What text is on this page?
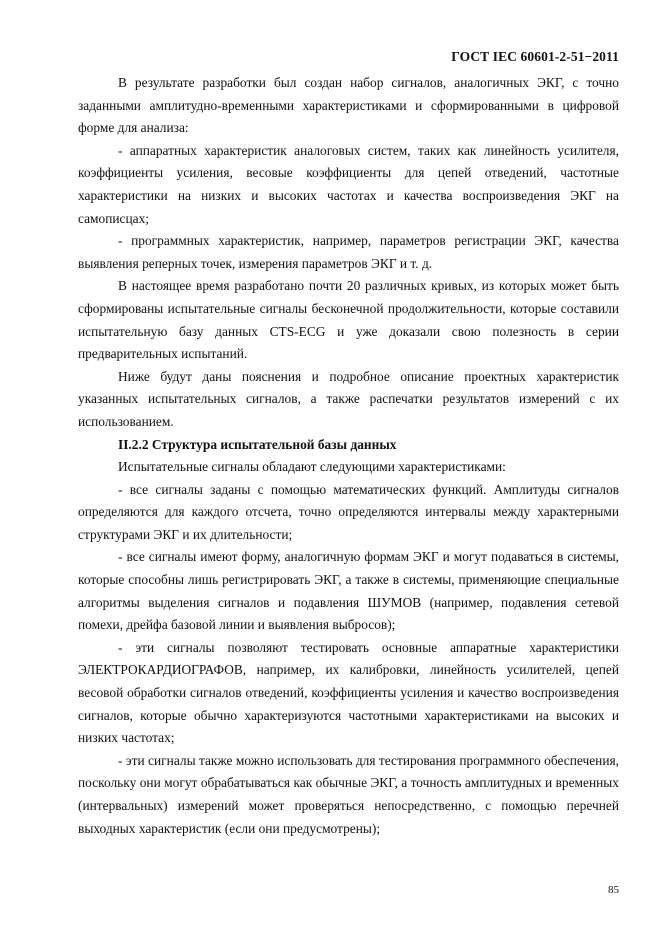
ГОСТ IEC 60601-2-51−2011

В результате разработки был создан набор сигналов, аналогичных ЭКГ, с точно заданными амплитудно-временными характеристиками и сформированными в цифровой форме для анализа:

- аппаратных характеристик аналоговых систем, таких как линейность усилителя, коэффициенты усиления, весовые коэффициенты для цепей отведений, частотные характеристики на низких и высоких частотах и качества воспроизведения ЭКГ на самописцах;

- программных характеристик, например, параметров регистрации ЭКГ, качества выявления реперных точек, измерения параметров ЭКГ и т. д.

В настоящее время разработано почти 20 различных кривых, из которых может быть сформированы испытательные сигналы бесконечной продолжительности, которые составили испытательную базу данных CTS-ECG и уже доказали свою полезность в серии предварительных испытаний.

Ниже будут даны пояснения и подробное описание проектных характеристик указанных испытательных сигналов, а также распечатки результатов измерений с их использованием.

II.2.2 Структура испытательной базы данных

Испытательные сигналы обладают следующими характеристиками:

- все сигналы заданы с помощью математических функций. Амплитуды сигналов определяются для каждого отсчета, точно определяются интервалы между характерными структурами ЭКГ и их длительности;

- все сигналы имеют форму, аналогичную формам ЭКГ и могут подаваться в системы, которые способны лишь регистрировать ЭКГ, а также в системы, применяющие специальные алгоритмы выделения сигналов и подавления ШУМОВ (например, подавления сетевой помехи, дрейфа базовой линии и выявления выбросов);

- эти сигналы позволяют тестировать основные аппаратные характеристики ЭЛЕКТРОКАРДИОГРАФОВ, например, их калибровки, линейность усилителей, цепей весовой обработки сигналов отведений, коэффициенты усиления и качество воспроизведения сигналов, которые обычно характеризуются частотными характеристиками на высоких и низких частотах;

- эти сигналы также можно использовать для тестирования программного обеспечения, поскольку они могут обрабатываться как обычные ЭКГ, а точность амплитудных и временных (интервальных) измерений может проверяться непосредственно, с помощью перечней выходных характеристик (если они предусмотрены);

85
